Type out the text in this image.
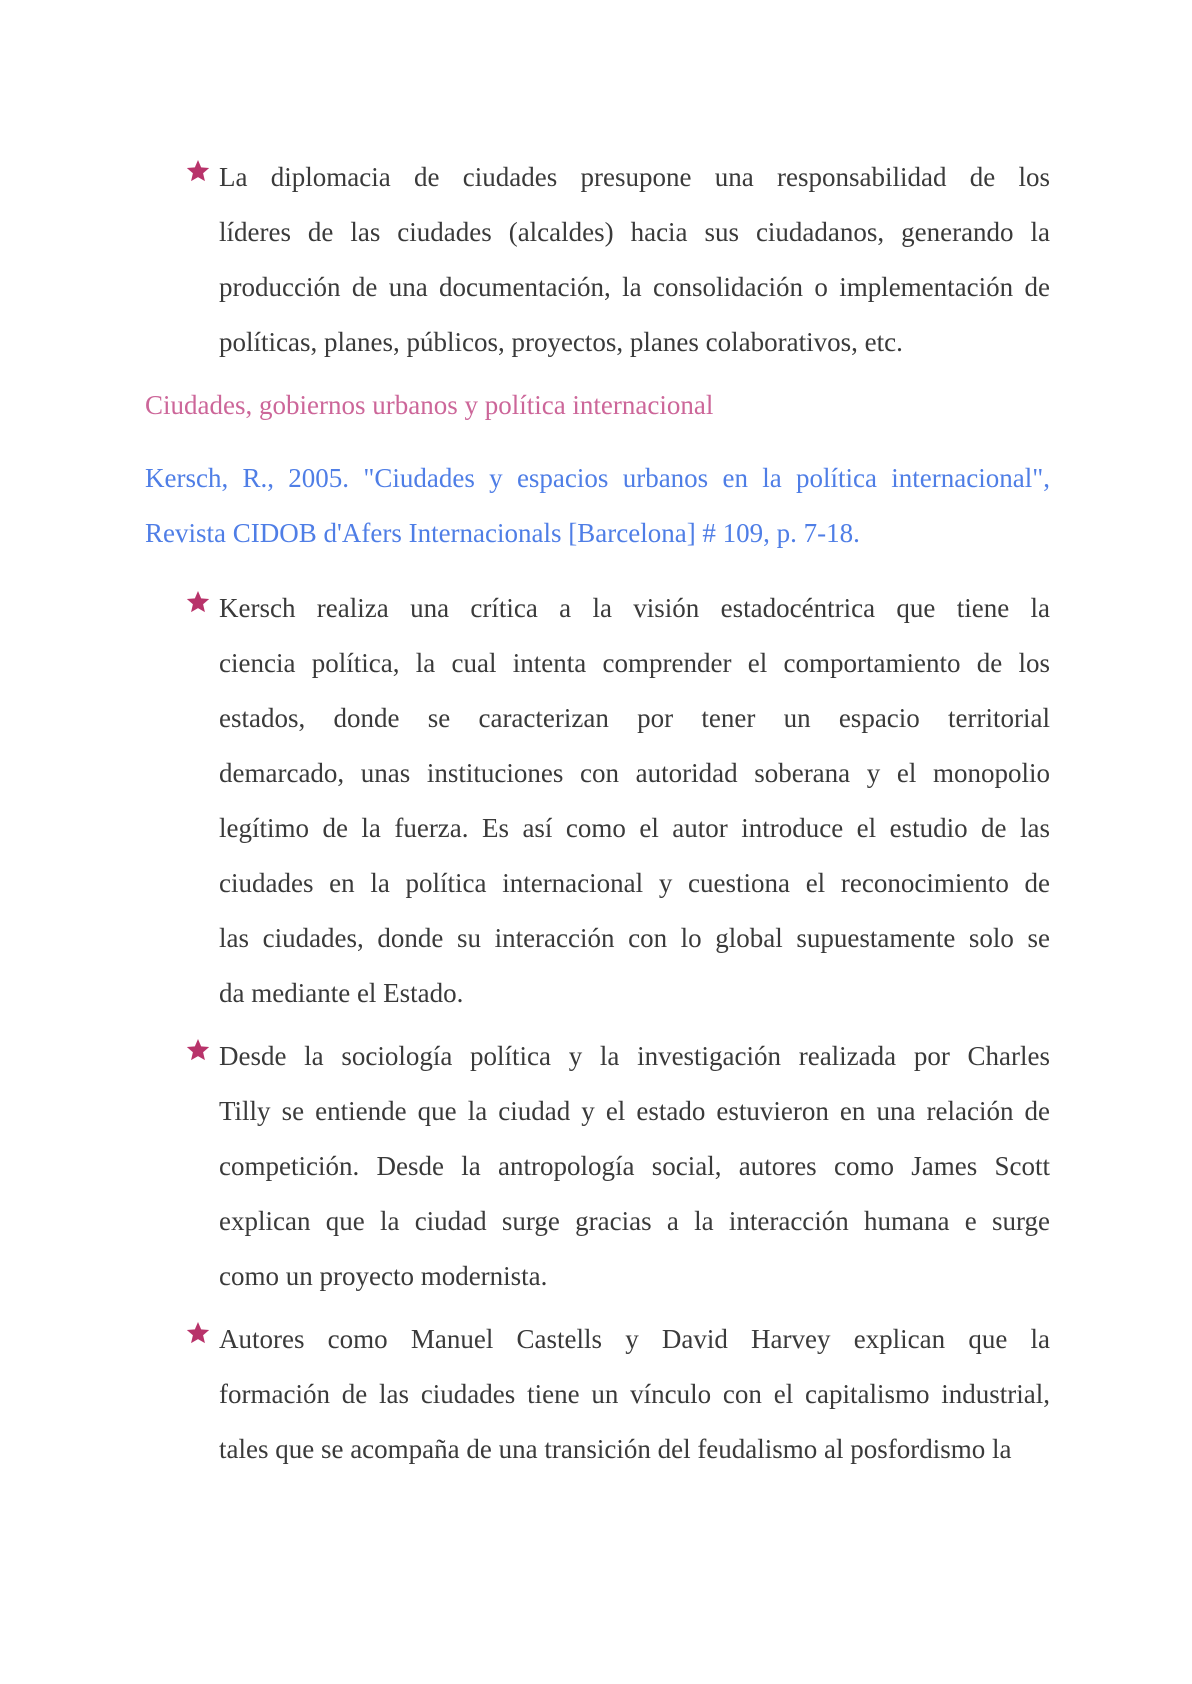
La diplomacia de ciudades presupone una responsabilidad de los
líderes de las ciudades (alcaldes) hacia sus ciudadanos, generando la
producción de una documentación, la consolidación o implementación de
políticas, planes, públicos, proyectos, planes colaborativos, etc.
Ciudades, gobiernos urbanos y política internacional
Kersch, R., 2005. "Ciudades y espacios urbanos en la política internacional",
Revista CIDOB d'Afers Internacionals [Barcelona] # 109, p. 7-18.
Kersch realiza una crítica a la visión estadocéntrica que tiene la
ciencia política, la cual intenta comprender el comportamiento de los
estados, donde se caracterizan por tener un espacio territorial
demarcado, unas instituciones con autoridad soberana y el monopolio
legítimo de la fuerza. Es así como el autor introduce el estudio de las
ciudades en la política internacional y cuestiona el reconocimiento de
las ciudades, donde su interacción con lo global supuestamente solo se
da mediante el Estado.
Desde la sociología política y la investigación realizada por Charles
Tilly se entiende que la ciudad y el estado estuvieron en una relación de
competición. Desde la antropología social, autores como James Scott
explican que la ciudad surge gracias a la interacción humana e surge
como un proyecto modernista.
Autores como Manuel Castells y David Harvey explican que la
formación de las ciudades tiene un vínculo con el capitalismo industrial,
tales que se acompaña de una transición del feudalismo al posfordismo la
